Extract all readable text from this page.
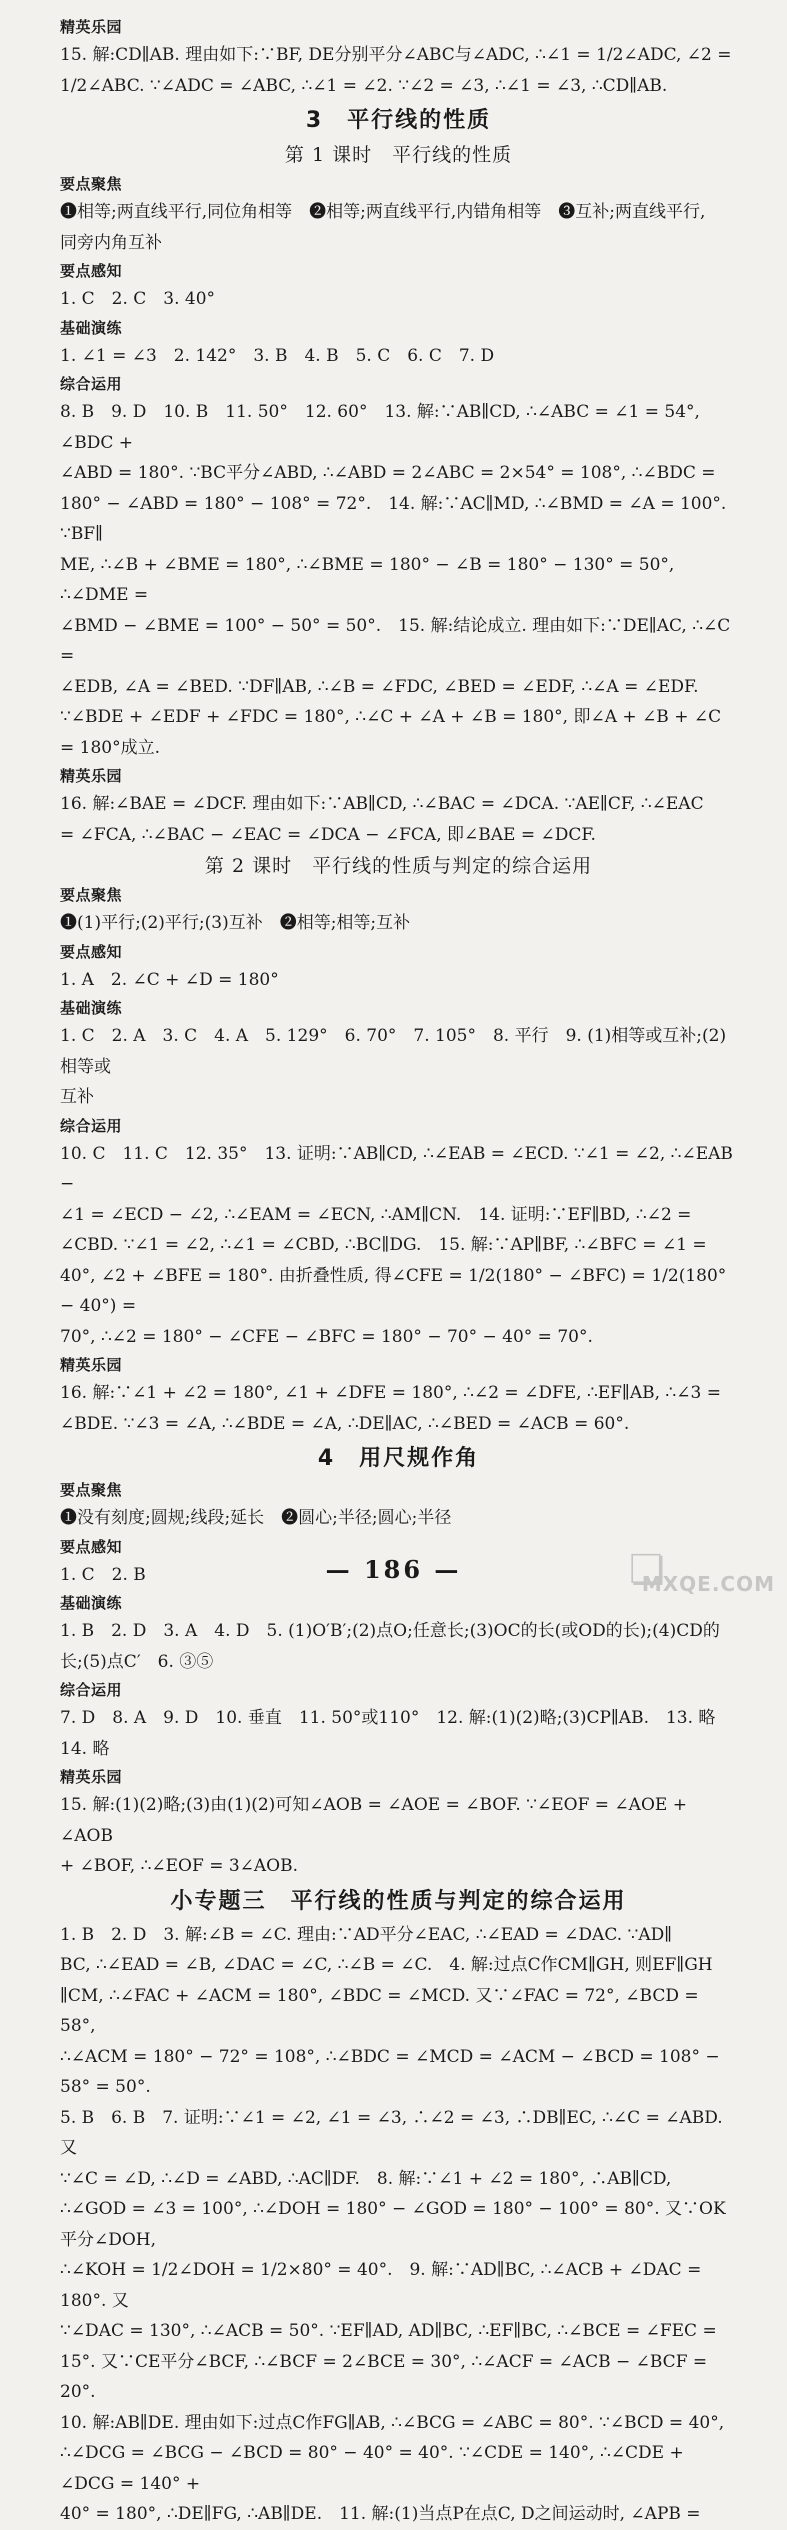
精英乐园
15. 解:CD∥AB. 理由如下:∵BF, DE分别平分∠ABC与∠ADC, ∴∠1 = 1/2∠ADC, ∠2 =
1/2∠ABC. ∵∠ADC = ∠ABC, ∴∠1 = ∠2. ∵∠2 = ∠3, ∴∠1 = ∠3, ∴CD∥AB.
3　平行线的性质
第 1 课时　平行线的性质
要点聚焦
❶相等;两直线平行,同位角相等　❷相等;两直线平行,内错角相等　❸互补;两直线平行,
同旁内角互补
要点感知
1. C　2. C　3. 40°
基础演练
1. ∠1 = ∠3　2. 142°　3. B　4. B　5. C　6. C　7. D
综合运用
8. B　9. D　10. B　11. 50°　12. 60°　13. 解:∵AB∥CD, ∴∠ABC = ∠1 = 54°, ∠BDC +
∠ABD = 180°. ∵BC平分∠ABD, ∴∠ABD = 2∠ABC = 2×54° = 108°, ∴∠BDC =
180° − ∠ABD = 180° − 108° = 72°.　14. 解:∵AC∥MD, ∴∠BMD = ∠A = 100°. ∵BF∥
ME, ∴∠B + ∠BME = 180°, ∴∠BME = 180° − ∠B = 180° − 130° = 50°, ∴∠DME =
∠BMD − ∠BME = 100° − 50° = 50°.　15. 解:结论成立. 理由如下:∵DE∥AC, ∴∠C =
∠EDB, ∠A = ∠BED. ∵DF∥AB, ∴∠B = ∠FDC, ∠BED = ∠EDF, ∴∠A = ∠EDF.
∵∠BDE + ∠EDF + ∠FDC = 180°, ∴∠C + ∠A + ∠B = 180°, 即∠A + ∠B + ∠C = 180°成立.
精英乐园
16. 解:∠BAE = ∠DCF. 理由如下:∵AB∥CD, ∴∠BAC = ∠DCA. ∵AE∥CF, ∴∠EAC
= ∠FCA, ∴∠BAC − ∠EAC = ∠DCA − ∠FCA, 即∠BAE = ∠DCF.
第 2 课时　平行线的性质与判定的综合运用
要点聚焦
❶(1)平行;(2)平行;(3)互补　❷相等;相等;互补
要点感知
1. A　2. ∠C + ∠D = 180°
基础演练
1. C　2. A　3. C　4. A　5. 129°　6. 70°　7. 105°　8. 平行　9. (1)相等或互补;(2)相等或
互补
综合运用
10. C　11. C　12. 35°　13. 证明:∵AB∥CD, ∴∠EAB = ∠ECD. ∵∠1 = ∠2, ∴∠EAB −
∠1 = ∠ECD − ∠2, ∴∠EAM = ∠ECN, ∴AM∥CN.　14. 证明:∵EF∥BD, ∴∠2 =
∠CBD. ∵∠1 = ∠2, ∴∠1 = ∠CBD, ∴BC∥DG.　15. 解:∵AP∥BF, ∴∠BFC = ∠1 =
40°, ∠2 + ∠BFE = 180°. 由折叠性质, 得∠CFE = 1/2(180° − ∠BFC) = 1/2(180° − 40°) =
70°, ∴∠2 = 180° − ∠CFE − ∠BFC = 180° − 70° − 40° = 70°.
精英乐园
16. 解:∵∠1 + ∠2 = 180°, ∠1 + ∠DFE = 180°, ∴∠2 = ∠DFE, ∴EF∥AB, ∴∠3 =
∠BDE. ∵∠3 = ∠A, ∴∠BDE = ∠A, ∴DE∥AC, ∴∠BED = ∠ACB = 60°.
4　用尺规作角
要点聚焦
❶没有刻度;圆规;线段;延长　❷圆心;半径;圆心;半径
要点感知
1. C　2. B
基础演练
1. B　2. D　3. A　4. D　5. (1)O′B′;(2)点O;任意长;(3)OC的长(或OD的长);(4)CD的
长;(5)点C′　6. ③⑤
综合运用
7. D　8. A　9. D　10. 垂直　11. 50°或110°　12. 解:(1)(2)略;(3)CP∥AB.　13. 略
14. 略
精英乐园
15. 解:(1)(2)略;(3)由(1)(2)可知∠AOB = ∠AOE = ∠BOF. ∵∠EOF = ∠AOE + ∠AOB
+ ∠BOF, ∴∠EOF = 3∠AOB.
小专题三　平行线的性质与判定的综合运用
1. B　2. D　3. 解:∠B = ∠C. 理由:∵AD平分∠EAC, ∴∠EAD = ∠DAC. ∵AD∥
BC, ∴∠EAD = ∠B, ∠DAC = ∠C, ∴∠B = ∠C.　4. 解:过点C作CM∥GH, 则EF∥GH
∥CM, ∴∠FAC + ∠ACM = 180°, ∠BDC = ∠MCD. 又∵∠FAC = 72°, ∠BCD = 58°,
∴∠ACM = 180° − 72° = 108°, ∴∠BDC = ∠MCD = ∠ACM − ∠BCD = 108° − 58° = 50°.
5. B　6. B　7. 证明:∵∠1 = ∠2, ∠1 = ∠3, ∴∠2 = ∠3, ∴DB∥EC, ∴∠C = ∠ABD. 又
∵∠C = ∠D, ∴∠D = ∠ABD, ∴AC∥DF.　8. 解:∵∠1 + ∠2 = 180°, ∴AB∥CD,
∴∠GOD = ∠3 = 100°, ∴∠DOH = 180° − ∠GOD = 180° − 100° = 80°. 又∵OK平分∠DOH,
∴∠KOH = 1/2∠DOH = 1/2×80° = 40°.　9. 解:∵AD∥BC, ∴∠ACB + ∠DAC = 180°. 又
∵∠DAC = 130°, ∴∠ACB = 50°. ∵EF∥AD, AD∥BC, ∴EF∥BC, ∴∠BCE = ∠FEC =
15°. 又∵CE平分∠BCF, ∴∠BCF = 2∠BCE = 30°, ∴∠ACF = ∠ACB − ∠BCF = 20°.
10. 解:AB∥DE. 理由如下:过点C作FG∥AB, ∴∠BCG = ∠ABC = 80°. ∵∠BCD = 40°,
∴∠DCG = ∠BCG − ∠BCD = 80° − 40° = 40°. ∵∠CDE = 140°, ∴∠CDE + ∠DCG = 140° +
40° = 180°, ∴DE∥FG, ∴AB∥DE.　11. 解:(1)当点P在点C, D之间运动时, ∠APB =
— 186 —	❏
MXQE.COM
